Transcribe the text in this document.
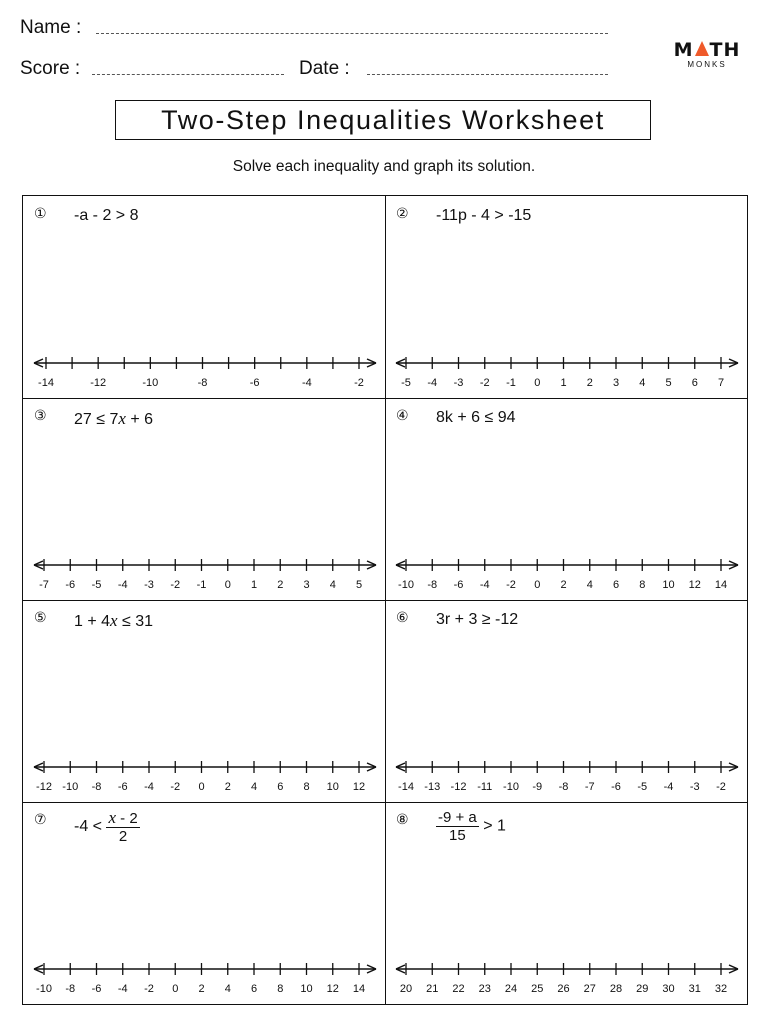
Name :
Score :	Date :
M TH
MONKS
Two-Step Inequalities Worksheet
Solve each inequality and graph its solution.
① -a - 2 > 8
-14	-12	-10	-8	-6	-4	-2
② -11p - 4 > -15
-5 -4 -3 -2 -1 0 1 2 3 4 5 6 7
③ 27 ≤ 7x + 6
-7 -6 -5 -4 -3 -2 -1 0 1 2 3 4 5
④ 8k + 6 ≤ 94
-10 -8 -6 -4 -2 0 2 4 6 8 10 12 14
⑤ 1 + 4x ≤ 31
-12 -10 -8 -6 -4 -2 0 2 4 6 8 10 12
⑥ 3r + 3 ≥ -12
-14 -13 -12 -11 -10 -9 -8 -7 -6 -5 -4 -3 -2
⑦ $-4 < \frac{x - 2}{2}$
-10 -8 -6 -4 -2 0 2 4 6 8 10 12 14
⑧ $\frac{-9 + a}{15} > 1$
20 21 22 23 24 25 26 27 28 29 30 31 32
